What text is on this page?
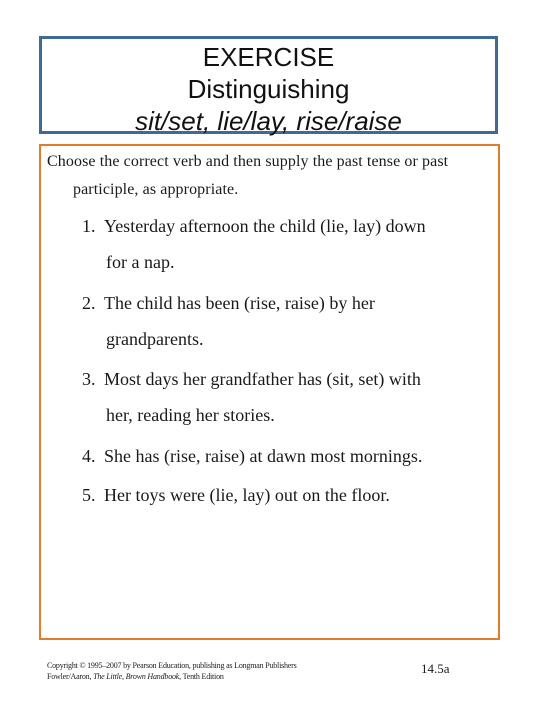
EXERCISE
Distinguishing
sit/set, lie/lay, rise/raise
Choose the correct verb and then supply the past tense or past
participle, as appropriate.
1. Yesterday afternoon the child (lie, lay) down
for a nap.
2. The child has been (rise, raise) by her
grandparents.
3. Most days her grandfather has (sit, set) with
her, reading her stories.
4. She has (rise, raise) at dawn most mornings.
5. Her toys were (lie, lay) out on the floor.
Copyright © 1995–2007 by Pearson Education, publishing as Longman Publishers
Fowler/Aaron, The Little, Brown Handbook, Tenth Edition
14.5a
